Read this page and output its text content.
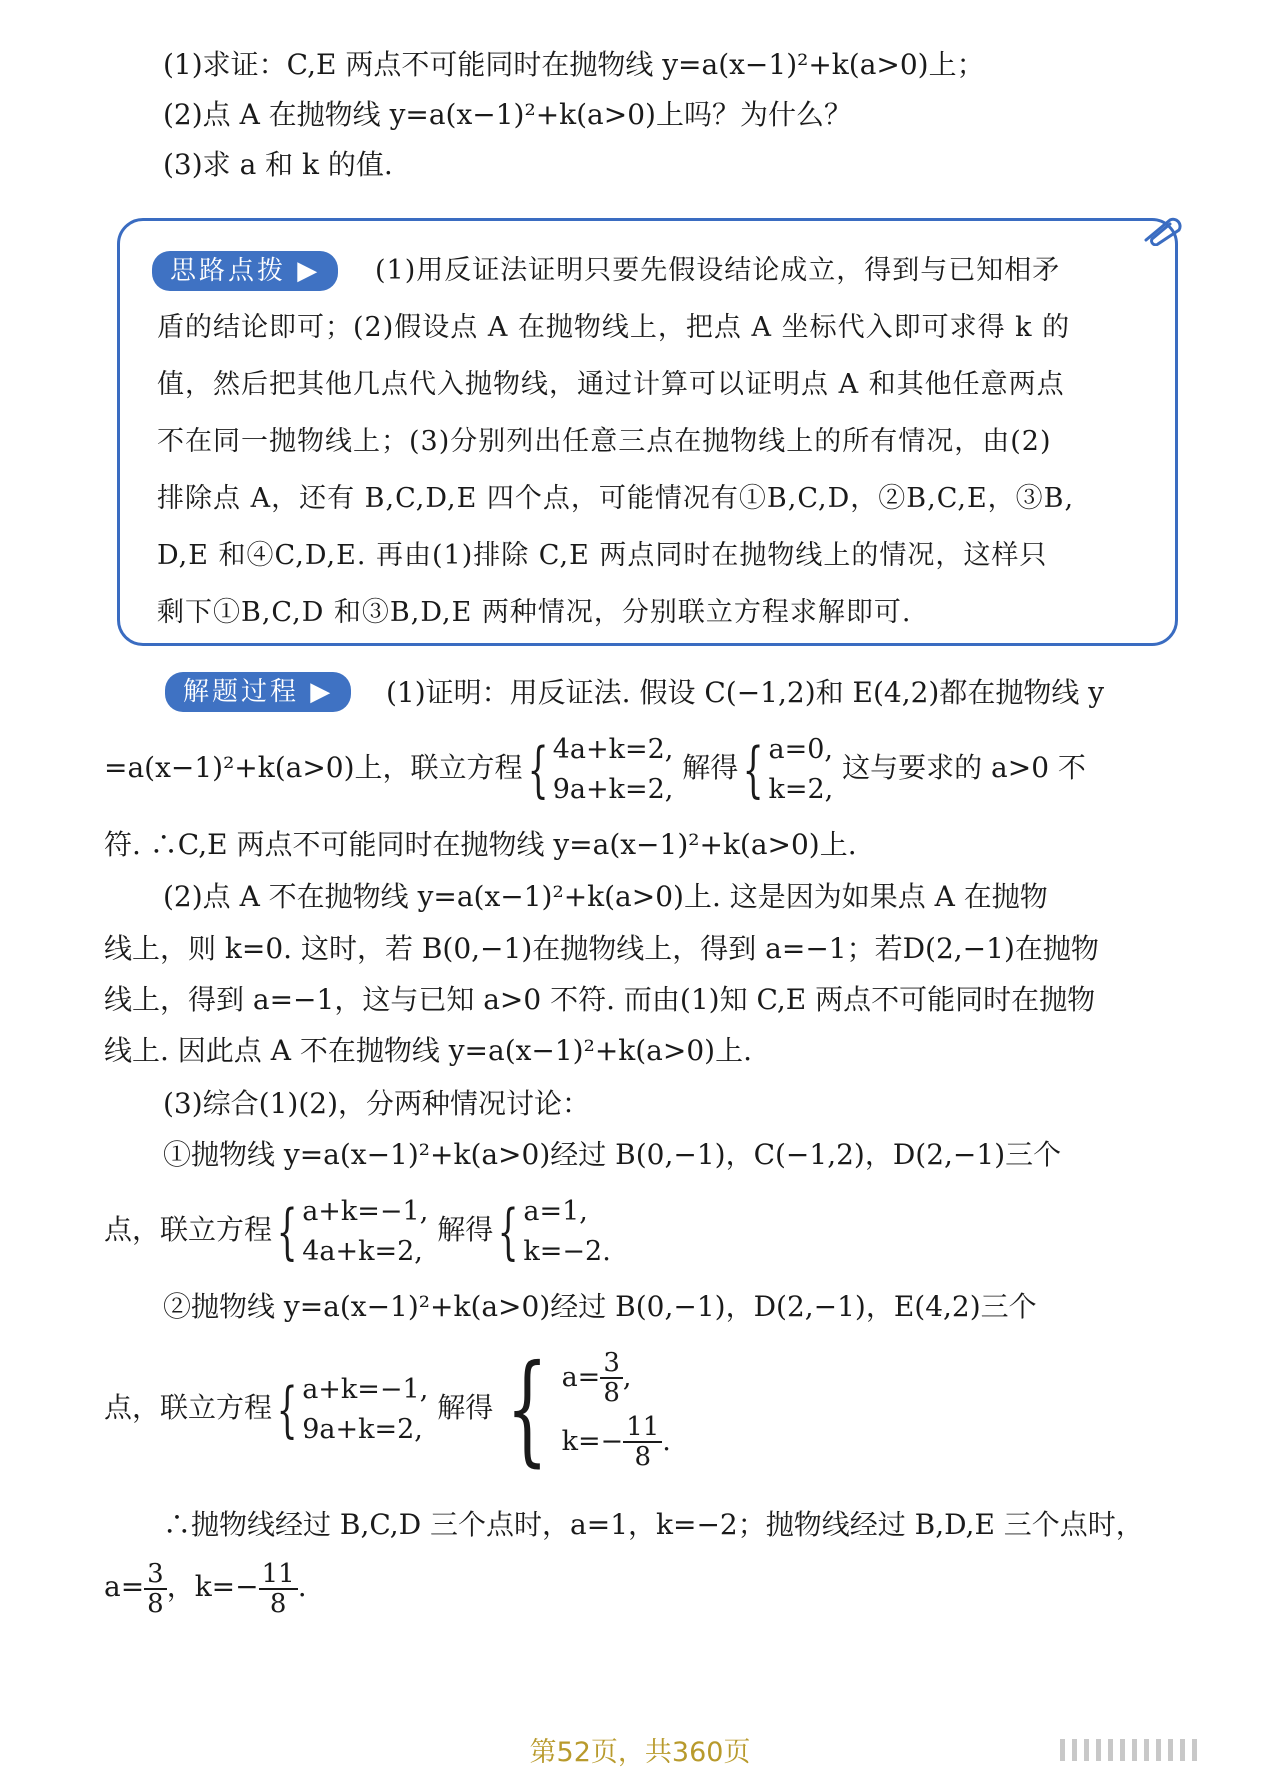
(1)求证：C,E 两点不可能同时在抛物线 y=a(x−1)²+k(a>0)上；
(2)点 A 在抛物线 y=a(x−1)²+k(a>0)上吗？为什么？
(3)求 a 和 k 的值.
思路点拨 ▶	(1)用反证法证明只要先假设结论成立，得到与已知相矛
盾的结论即可；(2)假设点 A 在抛物线上，把点 A 坐标代入即可求得 k 的
值，然后把其他几点代入抛物线，通过计算可以证明点 A 和其他任意两点
不在同一抛物线上；(3)分别列出任意三点在抛物线上的所有情况，由(2)
排除点 A，还有 B,C,D,E 四个点，可能情况有①B,C,D，②B,C,E，③B,
D,E 和④C,D,E. 再由(1)排除 C,E 两点同时在抛物线上的情况，这样只
剩下①B,C,D 和③B,D,E 两种情况，分别联立方程求解即可.
解题过程 ▶	(1)证明：用反证法. 假设 C(−1,2)和 E(4,2)都在抛物线 y
=a(x−1)²+k(a>0)上，联立方程{ 4a+k=2,
9a+k=2,
解得{ a=0,
k=2,
这与要求的 a>0 不
符. ∴C,E 两点不可能同时在抛物线 y=a(x−1)²+k(a>0)上.
(2)点 A 不在抛物线 y=a(x−1)²+k(a>0)上. 这是因为如果点 A 在抛物
线上，则 k=0. 这时，若 B(0,−1)在抛物线上，得到 a=−1；若D(2,−1)在抛物
线上，得到 a=−1，这与已知 a>0 不符. 而由(1)知 C,E 两点不可能同时在抛物
线上. 因此点 A 不在抛物线 y=a(x−1)²+k(a>0)上.
(3)综合(1)(2)，分两种情况讨论：
①抛物线 y=a(x−1)²+k(a>0)经过 B(0,−1)，C(−1,2)，D(2,−1)三个
点，联立方程{ a+k=−1,
4a+k=2,
解得{ a=1,
k=−2.
②抛物线 y=a(x−1)²+k(a>0)经过 B(0,−1)，D(2,−1)，E(4,2)三个
点，联立方程{ a+k=−1,
9a+k=2,
解得 { $a= \frac{3}{8}$ ,
$k=- \frac{11}{8}$ .
∴抛物线经过 B,C,D 三个点时，a=1，k=−2；抛物线经过 B,D,E 三个点时，
$a= \frac{3}{8}$ ，$k=- \frac{11}{8}$ .
第52页，共360页
